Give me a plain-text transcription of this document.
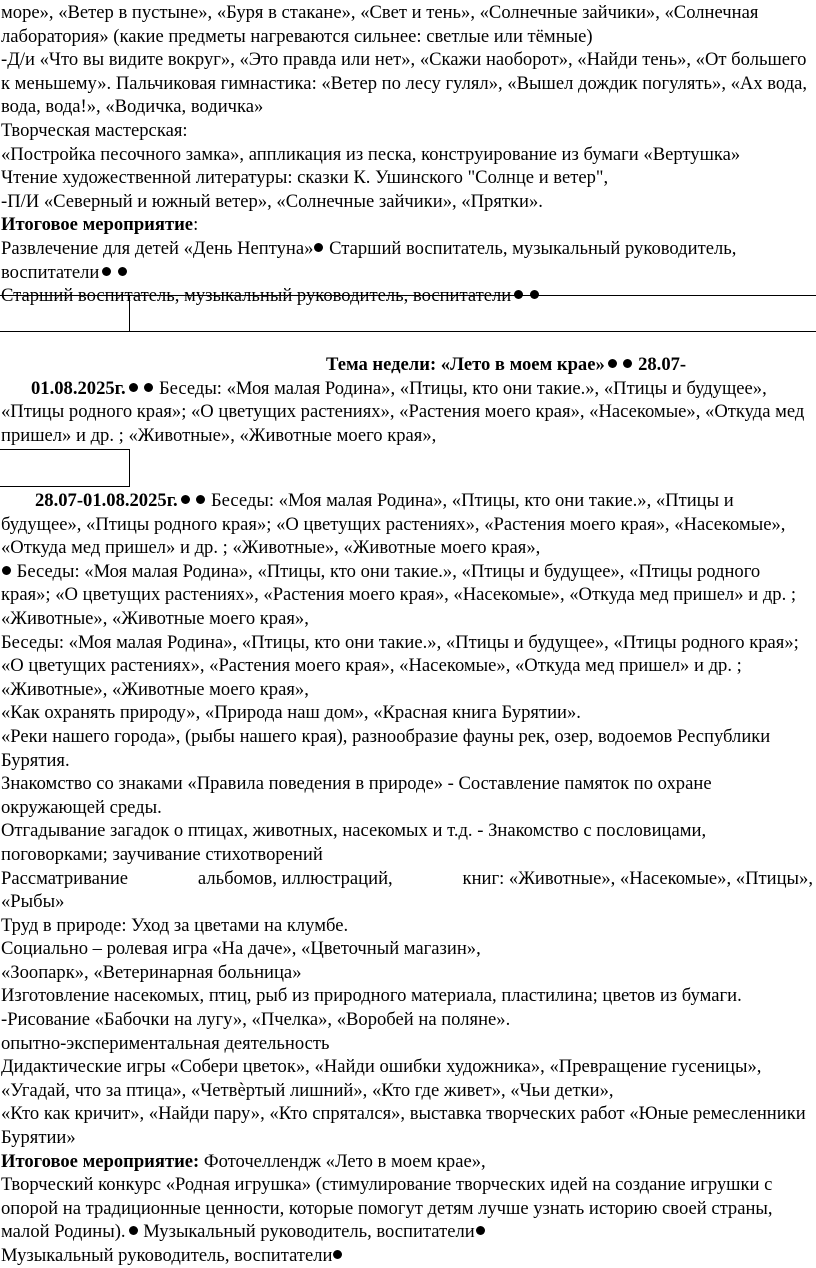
море», «Ветер в пустыне», «Буря в стакане», «Свет и тень», «Солнечные зайчики», «Солнечная лаборатория» (какие предметы нагреваются сильнее: светлые или тёмные)

-Д/и «Что вы видите вокруг», «Это правда или нет», «Скажи наоборот», «Найди тень», «От большего к меньшему». Пальчиковая гимнастика: «Ветер по лесу гулял», «Вышел дождик погулять», «Ах вода, вода, вода!», «Водичка, водичка»

Творческая мастерская:

«Постройка песочного замка», аппликация из песка, конструирование из бумаги «Вертушка»

Чтение художественной литературы: сказки К. Ушинского "Солнце и ветер",

-П/И «Северный и южный ветер», «Солнечные зайчики», «Прятки».

Итоговое мероприятие:

Развлечение для детей «День Нептуна» Старший воспитатель, музыкальный руководитель, воспитатели

Старший воспитатель, музыкальный руководитель, воспитатели

Тема недели: «Лето в моем крае»  28.07-

01.08.2025г.  Беседы: «Моя малая Родина», «Птицы, кто они такие.», «Птицы и будущее», «Птицы родного края»; «О цветущих растениях», «Растения моего края», «Насекомые», «Откуда мед пришел» и др. ; «Животные», «Животные моего края»,

28.07-01.08.2025г.  Беседы: «Моя малая Родина», «Птицы, кто они такие.», «Птицы и будущее», «Птицы родного края»; «О цветущих растениях», «Растения моего края», «Насекомые», «Откуда мед пришел» и др. ; «Животные», «Животные моего края»,

Беседы: «Моя малая Родина», «Птицы, кто они такие.», «Птицы и будущее», «Птицы родного края»; «О цветущих растениях», «Растения моего края», «Насекомые», «Откуда мед пришел» и др. ; «Животные», «Животные моего края»,

Беседы: «Моя малая Родина», «Птицы, кто они такие.», «Птицы и будущее», «Птицы родного края»; «О цветущих растениях», «Растения моего края», «Насекомые», «Откуда мед пришел» и др. ; «Животные», «Животные моего края»,

«Как охранять природу», «Природа наш дом», «Красная книга Бурятии».

«Реки нашего города», (рыбы нашего края), разнообразие фауны рек, озер, водоемов Республики Бурятия.

Знакомство со знаками «Правила поведения в природе» - Составление памяток по охране окружающей среды.

Отгадывание загадок о птицах, животных, насекомых и т.д. - Знакомство с пословицами, поговорками; заучивание стихотворений

Рассматривание	альбомов, иллюстраций,	книг: «Животные», «Насекомые», «Птицы»,

«Рыбы»

Труд в природе: Уход за цветами на клумбе.

Социально – ролевая игра «На даче», «Цветочный магазин»,

«Зоопарк», «Ветеринарная больница»

Изготовление насекомых, птиц, рыб из природного материала, пластилина; цветов из бумаги.

-Рисование «Бабочки на лугу», «Пчелка», «Воробей на поляне».

опытно-экспериментальная деятельность

Дидактические игры «Собери цветок», «Найди ошибки художника», «Превращение гусеницы», «Угадай, что за птица», «Четвѐртый лишний», «Кто где живет», «Чьи детки»,

«Кто как кричит», «Найди пару», «Кто спрятался», выставка творческих работ «Юные ремесленники Бурятии»

Итоговое мероприятие: Фоточеллендж «Лето в моем крае»,

Творческий конкурс «Родная игрушка» (стимулирование творческих идей на создание игрушки с опорой на традиционные ценности, которые помогут детям лучше узнать историю своей страны, малой Родины). Музыкальный руководитель, воспитатели

Музыкальный руководитель, воспитатели
